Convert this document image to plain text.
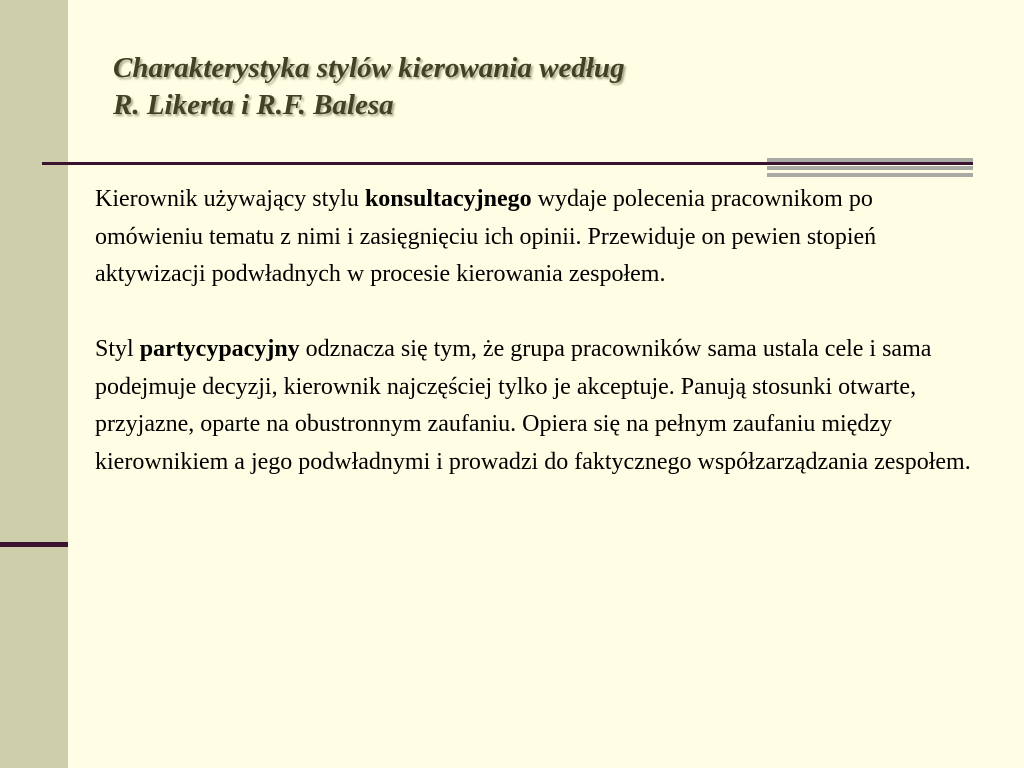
Charakterystyka stylów kierowania według
R. Likerta i R.F. Balesa

Kierownik używający stylu konsultacyjnego wydaje polecenia pracownikom po omówieniu tematu z nimi i zasięgnięciu ich opinii. Przewiduje on pewien stopień aktywizacji podwładnych w procesie kierowania zespołem.

Styl partycypacyjny odznacza się tym, że grupa pracowników sama ustala cele i sama podejmuje decyzji, kierownik najczęściej tylko je akceptuje. Panują stosunki otwarte, przyjazne, oparte na obustronnym zaufaniu. Opiera się na pełnym zaufaniu między kierownikiem a jego podwładnymi i prowadzi do faktycznego współzarządzania zespołem.
